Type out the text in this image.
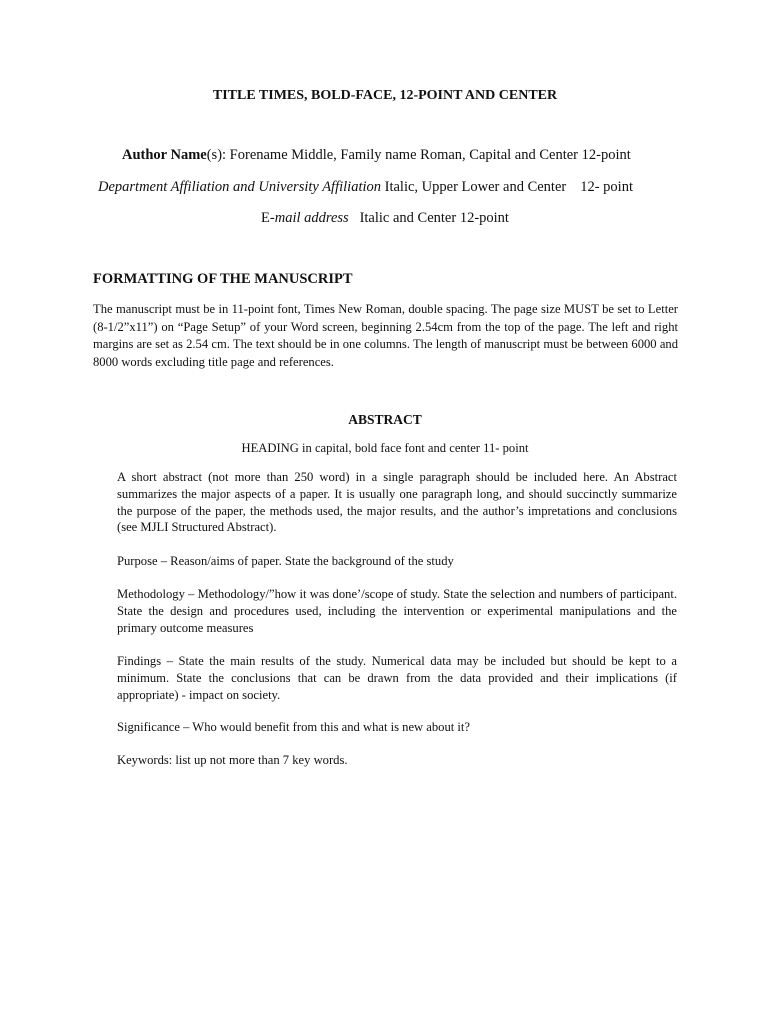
TITLE TIMES, BOLD-FACE, 12-POINT AND CENTER
Author Name(s): Forename Middle, Family name Roman, Capital and Center 12-point
Department Affiliation and University Affiliation Italic, Upper Lower and Center 12- point
E-mail address   Italic and Center 12-point
FORMATTING OF THE MANUSCRIPT
The manuscript must be in 11-point font, Times New Roman, double spacing. The page size MUST be set to Letter (8-1/2”x11”) on “Page Setup” of your Word screen, beginning 2.54cm from the top of the page. The left and right margins are set as 2.54 cm. The text should be in one columns. The length of manuscript must be between 6000 and 8000 words excluding title page and references.
ABSTRACT
HEADING in capital, bold face font and center 11- point
A short abstract (not more than 250 word) in a single paragraph should be included here. An Abstract summarizes the major aspects of a paper. It is usually one paragraph long, and should succinctly summarize the purpose of the paper, the methods used, the major results, and the author’s impretations and conclusions (see MJLI Structured Abstract).
Purpose – Reason/aims of paper. State the background of the study
Methodology – Methodology/”how it was done’/scope of study. State the selection and numbers of participant. State the design and procedures used, including the intervention or experimental manipulations and the primary outcome measures
Findings – State the main results of the study. Numerical data may be included but should be kept to a minimum. State the conclusions that can be drawn from the data provided and their implications (if appropriate) - impact on society.
Significance – Who would benefit from this and what is new about it?
Keywords: list up not more than 7 key words.
